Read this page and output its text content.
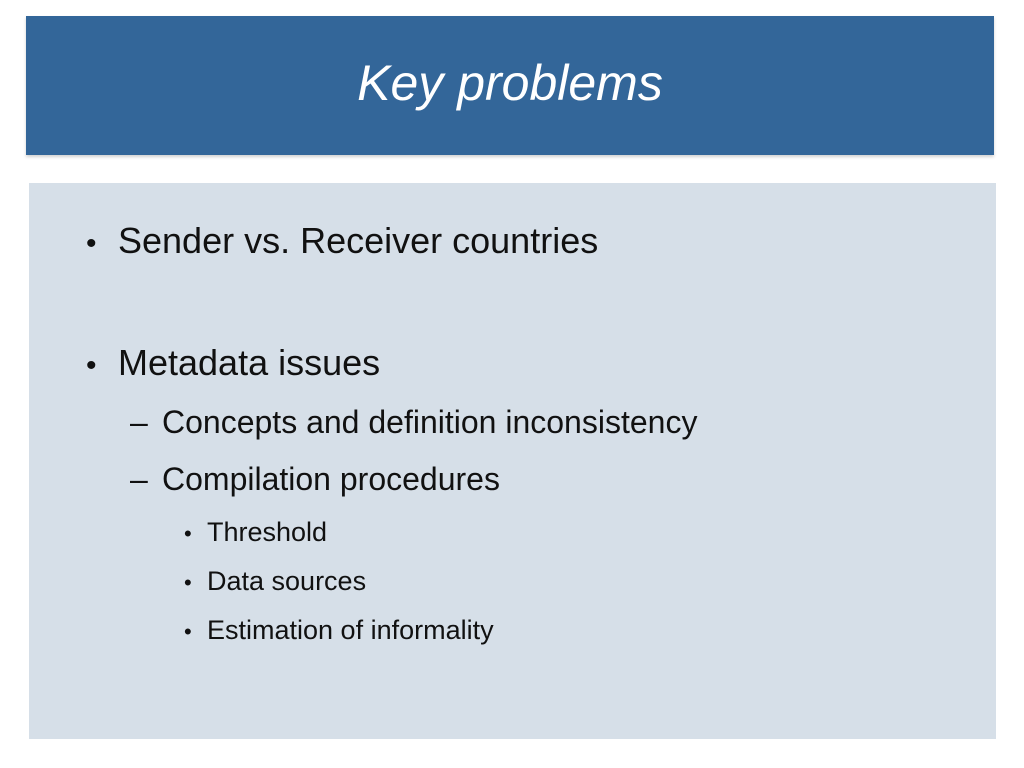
Key problems
• Sender vs. Receiver countries
• Metadata issues
– Concepts and definition inconsistency
– Compilation procedures
• Threshold
• Data sources
• Estimation of informality
